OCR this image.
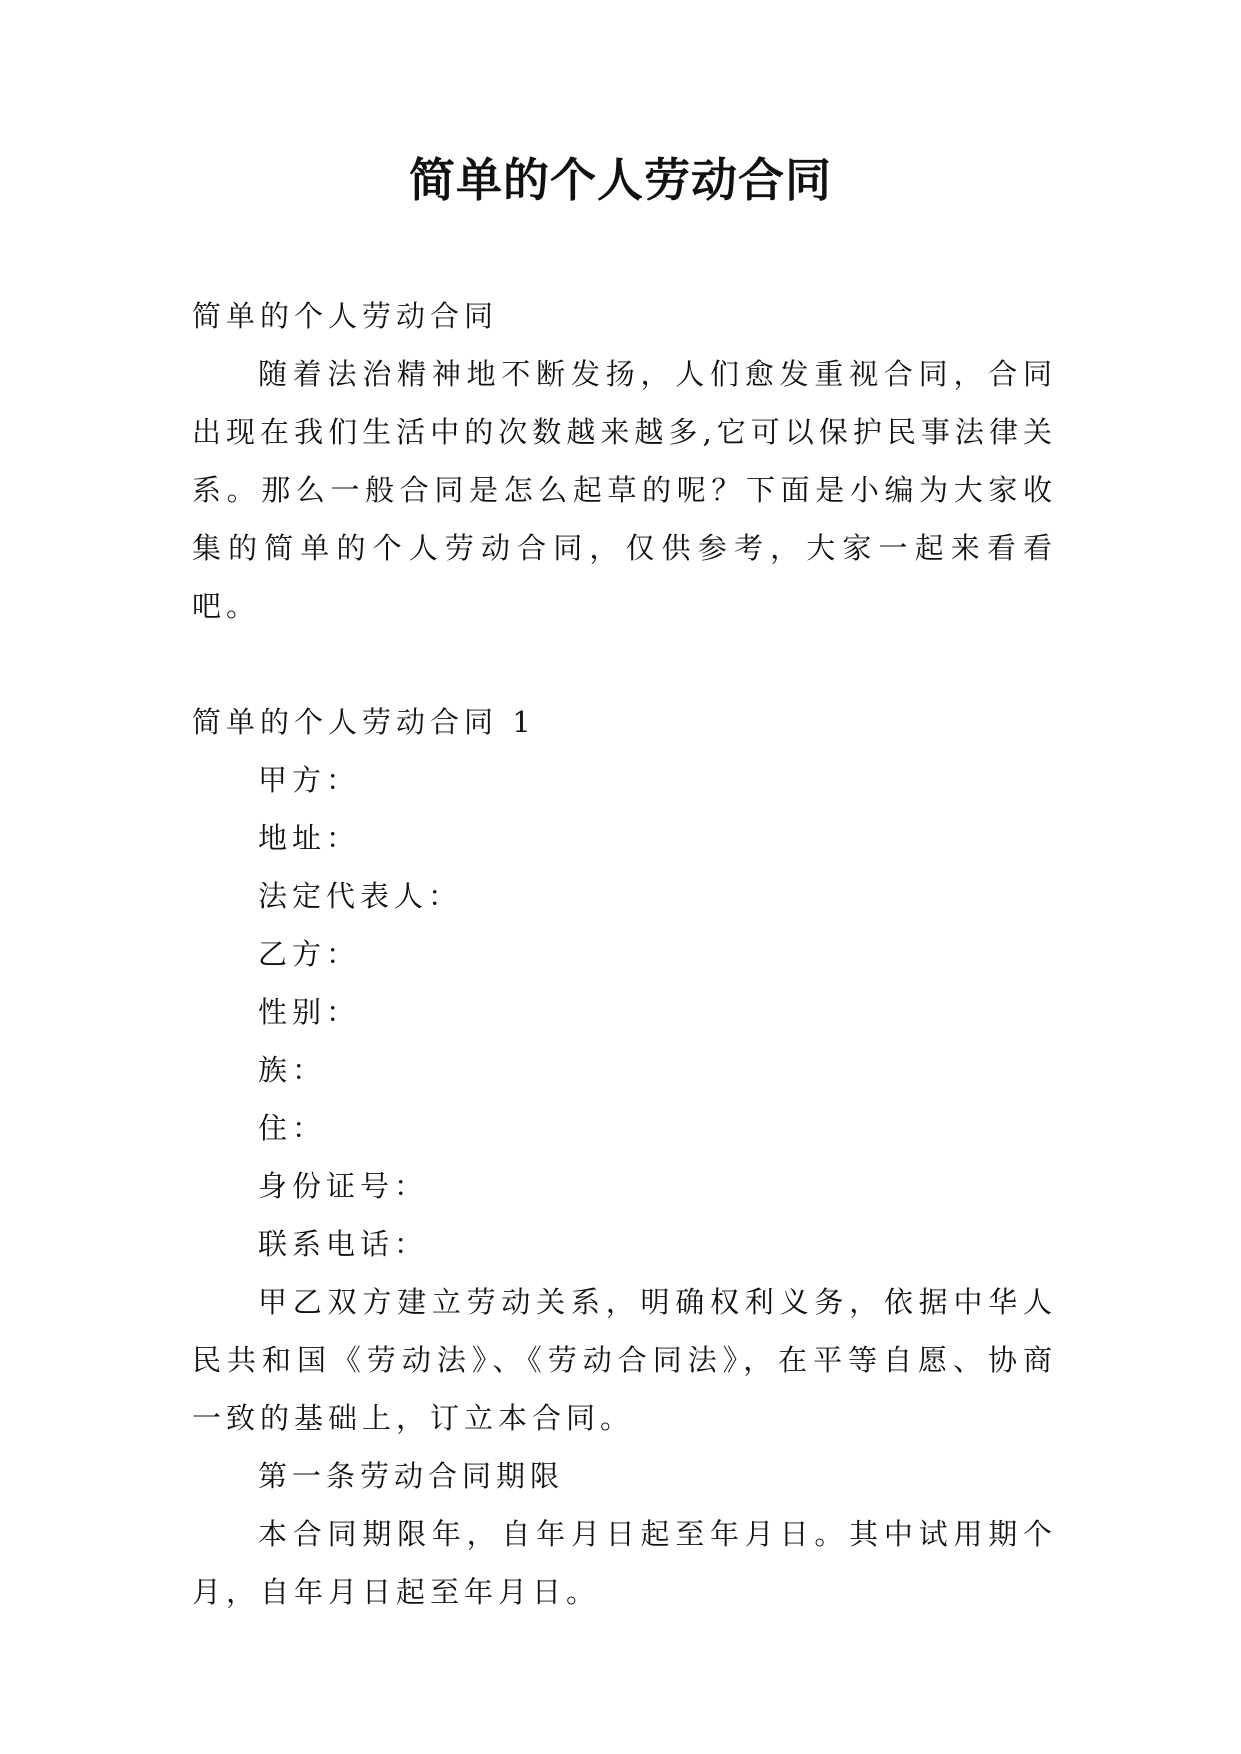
简单的个人劳动合同
简单的个人劳动合同
随着法治精神地不断发扬，人们愈发重视合同，合同出现在我们生活中的次数越来越多,它可以保护民事法律关系。那么一般合同是怎么起草的呢？下面是小编为大家收集的简单的个人劳动合同，仅供参考，大家一起来看看吧。
简单的个人劳动合同 1
甲方：
地址：
法定代表人：
乙方：
性别：
族：
住：
身份证号：
联系电话：
甲乙双方建立劳动关系，明确权利义务，依据中华人民共和国《劳动法》、《劳动合同法》，在平等自愿、协商一致的基础上，订立本合同。
第一条劳动合同期限
本合同期限年，自年月日起至年月日。其中试用期个月，自年月日起至年月日。
